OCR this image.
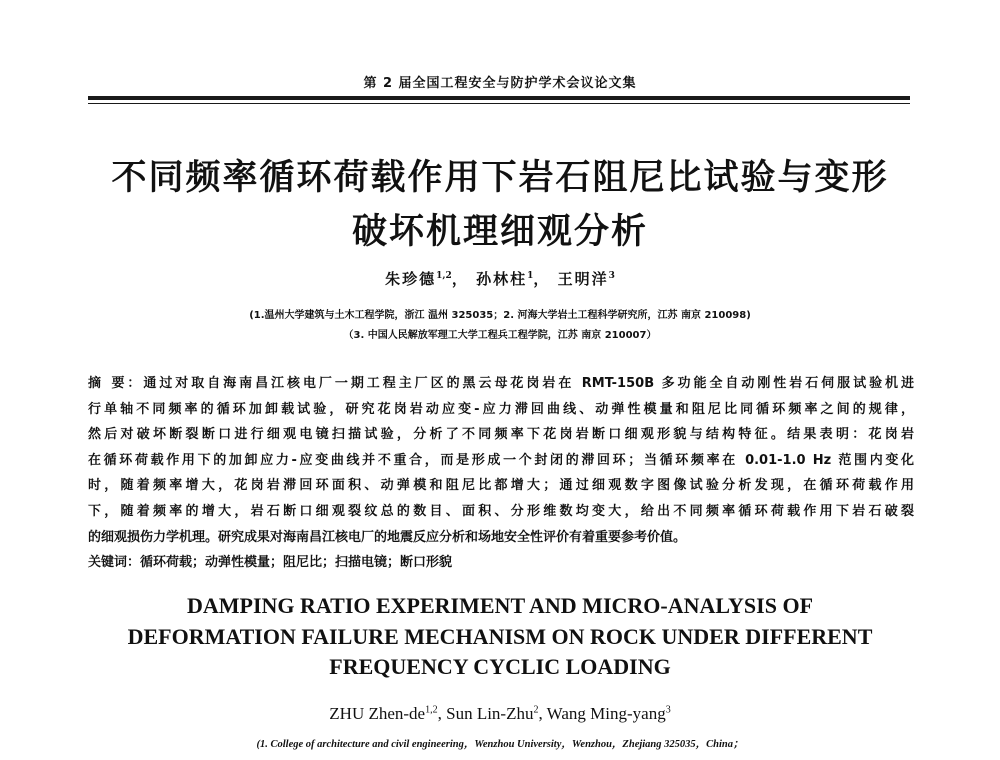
第 2 届全国工程安全与防护学术会议论文集
不同频率循环荷载作用下岩石阻尼比试验与变形
破坏机理细观分析
朱珍德$^{1,2}$， 孙林柱$^1$， 王明洋$^3$
(1.温州大学建筑与土木工程学院，浙江 温州 325035；2. 河海大学岩土工程科学研究所，江苏 南京 210098)
（3. 中国人民解放军理工大学工程兵工程学院，江苏 南京 210007）
摘 要：通过对取自海南昌江核电厂一期工程主厂区的黑云母花岗岩在 RMT-150B 多功能全自动刚性岩石伺服试验机进
行单轴不同频率的循环加卸载试验，研究花岗岩动应变-应力滞回曲线、动弹性模量和阻尼比同循环频率之间的规律，
然后对破坏断裂断口进行细观电镜扫描试验，分析了不同频率下花岗岩断口细观形貌与结构特征。结果表明：花岗岩
在循环荷载作用下的加卸应力-应变曲线并不重合，而是形成一个封闭的滞回环；当循环频率在 0.01-1.0 Hz 范围内变化
时，随着频率增大，花岗岩滞回环面积、动弹模和阻尼比都增大；通过细观数字图像试验分析发现，在循环荷载作用
下，随着频率的增大，岩石断口细观裂纹总的数目、面积、分形维数均变大，给出不同频率循环荷载作用下岩石破裂
的细观损伤力学机理。研究成果对海南昌江核电厂的地震反应分析和场地安全性评价有着重要参考价值。
关键词：循环荷载；动弹性模量；阻尼比；扫描电镜；断口形貌
DAMPING RATIO EXPERIMENT AND MICRO-ANALYSIS OF
DEFORMATION FAILURE MECHANISM ON ROCK UNDER DIFFERENT
FREQUENCY CYCLIC LOADING
ZHU Zhen-de$^{1,2}$, Sun Lin-Zhu$^2$, Wang Ming-yang$^3$
(1. College of architecture and civil engineering，Wenzhou University，Wenzhou，Zhejiang 325035，China；
